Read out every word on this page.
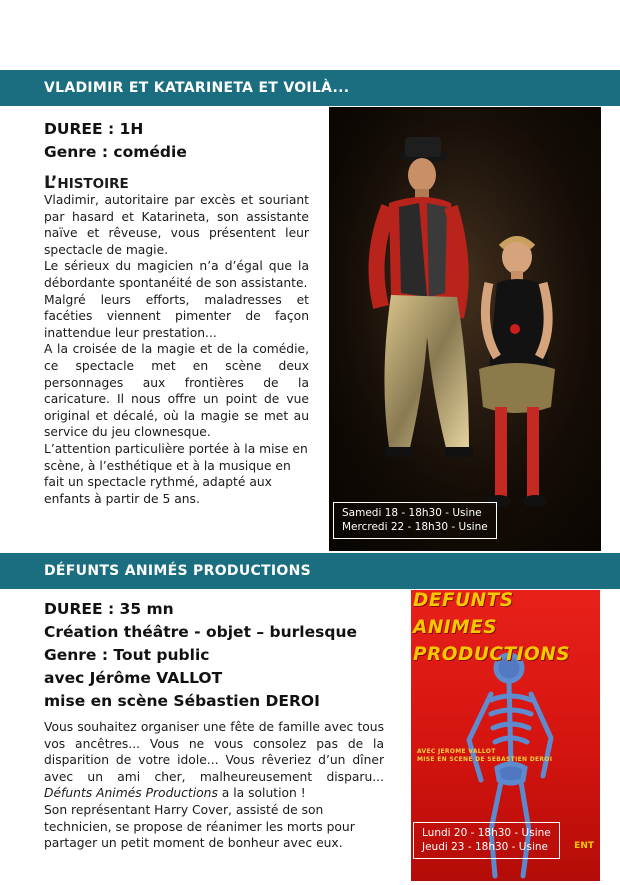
VLADIMIR ET KATARINETA ET VOILÀ...
DUREE : 1H
Genre : comédie
L’HISTOIRE

Vladimir, autoritaire par excès et souriant par hasard et Katarineta, son assistante naïve et rêveuse, vous présentent leur spectacle de magie.

Le sérieux du magicien n’a d’égal que la débordante spontanéité de son assistante.

Malgré leurs efforts, maladresses et facéties viennent pimenter de façon inattendue leur prestation...

A la croisée de la magie et de la comédie, ce spectacle met en scène deux personnages aux frontières de la caricature. Il nous offre un point de vue original et décalé, où la magie se met au service du jeu clownesque.

L’attention particulière portée à la mise en scène, à l’esthétique et à la musique en fait un spectacle rythmé, adapté aux enfants à partir de 5 ans.

Samedi 18 - 18h30 - Usine
Mercredi 22 - 18h30 - Usine
DÉFUNTS ANIMÉS PRODUCTIONS
DUREE : 35 mn
Création théâtre - objet – burlesque
Genre : Tout public
avec Jérôme VALLOT
mise en scène Sébastien DEROI

Vous souhaitez organiser une fête de famille avec tous vos ancêtres... Vous ne vous consolez pas de la disparition de votre idole... Vous rêveriez d’un dîner avec un ami cher, malheureusement disparu... Défunts Animés Productions a la solution !

Son représentant Harry Cover, assisté de son technicien, se propose de réanimer les morts pour partager un petit moment de bonheur avec eux.

DEFUNTS
ANIMES
PRODUCTIONS
AVEC JEROME VALLOT
MISE EN SCENE DE SEBASTIEN DEROI
ENT
Lundi 20 - 18h30 - Usine
Jeudi 23 - 18h30 - Usine
